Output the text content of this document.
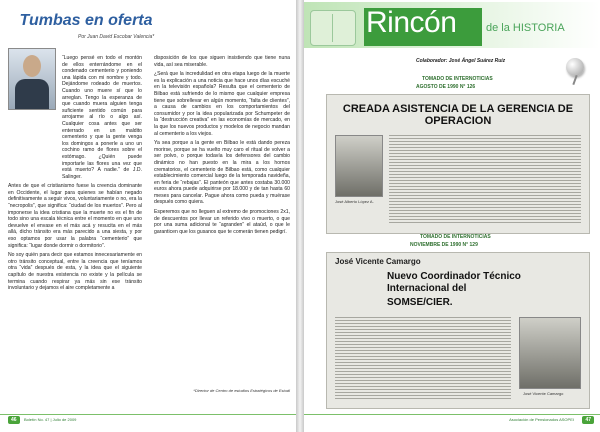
Tumbas en oferta
Por Juan David Escobar Valencia*

“Luego pensé en todo el montón de ellos enterrándome en el condenado cementerio y poniendo una lápida con mi nombre y todo. Dejándome rodeado de muertos. Cuando uno muere sí que lo arreglan. Tengo la esperanza de que cuando muera alguien tenga suficiente sentido común para arrojarme al río o algo así. Cualquier cosa antes que ser enterrado en un maldito cementerio y que la gente venga los domingos a ponerle a uno un cochino ramo de flores sobre el estómago. ¿Quién puede importarle las flores una vez que está muerto? A nadie.” de J.D. Salinger.

Antes de que el cristianismo fuese la creencia dominante en Occidente, el lugar para quienes se habían negado definitivamente a seguir vivos, voluntariamente o no, era la “necropolis”, que significa: “ciudad de los muertos”. Pero al imponerse la idea cristiana que la muerte no es el fin de todo sino una escala técnica entre el momento en que uno devuelve el envase en el más acá y resucita en el más allá, dicho tránsito era más parecido a una siesta, y por eso optamos por usar la palabra “cementerio” que significa: “lugar donde dormir o dormitorio”.

No soy quién para decir que estamos innecesariamente en otro tránsito conceptual, entre la creencia que teníamos otra “vida” después de esta, y la idea que el siguiente capítulo de nuestra existencia no existe y la película se termina cuando respirar ya más sin ese tránsito involuntario y dejamos el aire completamente a

disposición de los que siguen insistiendo que tiene nuna vida, así sea miserable.

¿Será que la incredulidad en otra etapa luego de la muerte es la explicación a una noticia que hace unos días escuché en la televisión española? Resulta que el cementerio de Bilbao está sufriendo de lo mismo que cualquier empresa tiene que sobrellevar en algún momento, “falta de clientes”, a causa de cambios en los comportamientos del consumidor y por la idea popularizada por Schumpeter de la “destrucción creativa” en las economías de mercado, en la que los nuevos productos y modelos de negocio mandan al cementerio a los viejos.

Ya sea porque a la gente en Bilbao le está dando pereza morirse, porque se ha vuelto muy caro el ritual de volver a ser polvo, o porque todavía los defensores del cambio dinámico no han puesto en la mira a los hornos crematorios, el cementerio de Bilbao está, como cualquier establecimiento comercial luego de la temporada navideña, en feria de “rebajas”. El panteón que antes costaba 30.000 euros ahora puede adquirirse por 18.000 y de tan hasta 60 meses para cancelar. Pague ahora como pueda y muérase después como quiera.

Esperemos que no lleguen al extremo de promociones 2x1, de descuentos por llevar un referido vivo o muerto, o que por una suma adicional te “agranden” el ataúd, o que le garanticen que los gusanos que te comerán tienen pedigrí.

*Director de Centro de estudios Estratégicos de Estudi
46	Boletín No. 47 | Julio de 2009
Rincón	de la HISTORIA
Colaborador: José Ángel Suárez Ruíz
TOMADO DE INTERNOTICIAS
AGOSTO DE 1990 N° 126
CREADA ASISTENCIA DE LA GERENCIA DE OPERACION
José Alberto López A.
TOMADO DE INTERNOTICIAS
NOVIEMBRE DE 1990 N° 129
José Vicente Camargo
Nuevo Coordinador Técnico Internacional del
SOMSE/CIER.
José Vicente Camargo
Asociación de Pensionados ASOPEI	47
